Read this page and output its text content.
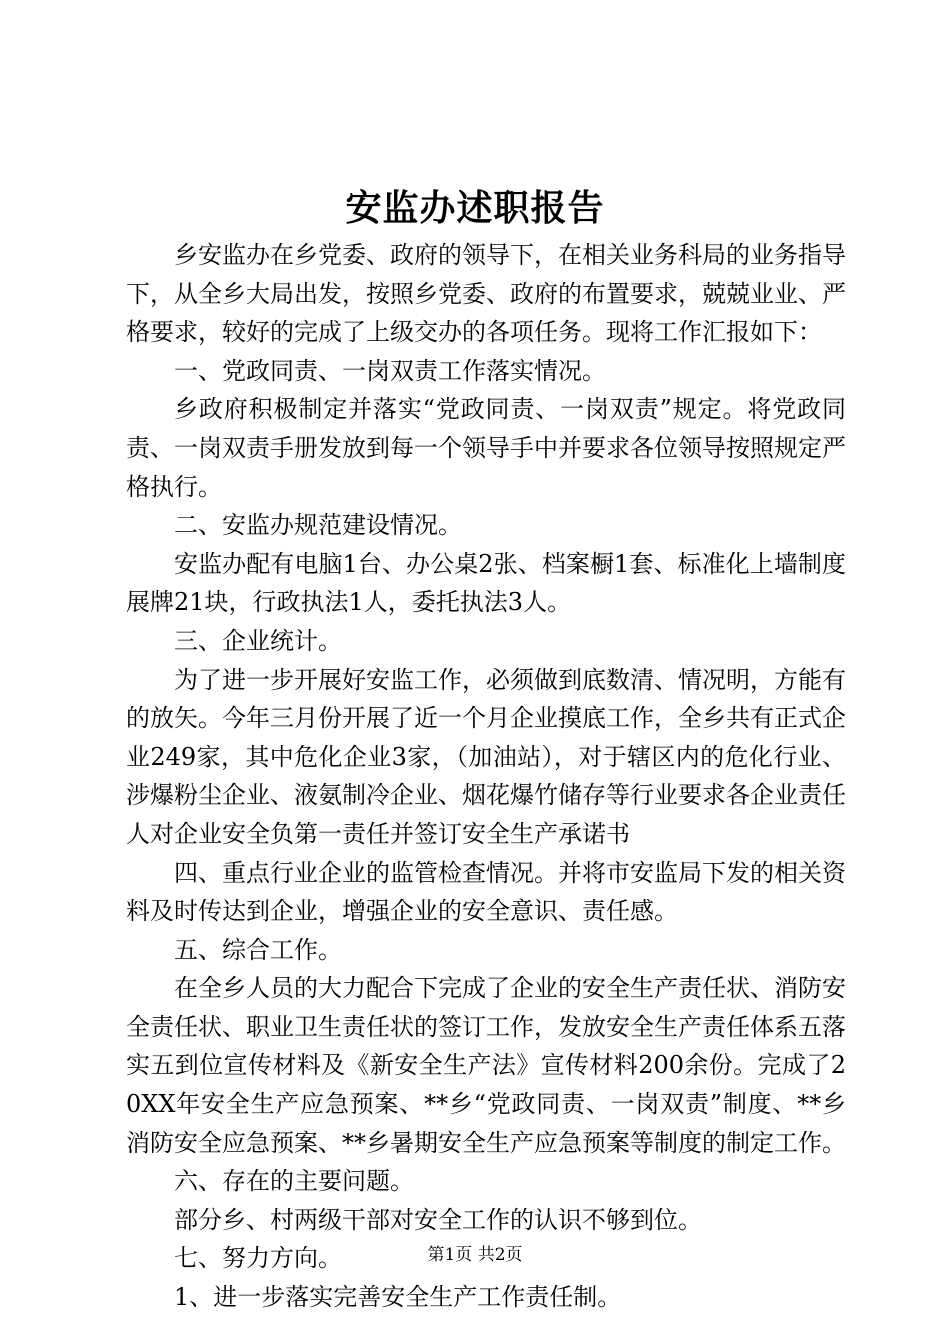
安监办述职报告

乡安监办在乡党委、政府的领导下，在相关业务科局的业务指导下，从全乡大局出发，按照乡党委、政府的布置要求，兢兢业业、严格要求，较好的完成了上级交办的各项任务。现将工作汇报如下：

一、党政同责、一岗双责工作落实情况。

乡政府积极制定并落实“党政同责、一岗双责”规定。将党政同责、一岗双责手册发放到每一个领导手中并要求各位领导按照规定严格执行。

二、安监办规范建设情况。

安监办配有电脑1台、办公桌2张、档案橱1套、标准化上墙制度展牌21块，行政执法1人，委托执法3人。

三、企业统计。

为了进一步开展好安监工作，必须做到底数清、情况明，方能有的放矢。今年三月份开展了近一个月企业摸底工作，全乡共有正式企业249家，其中危化企业3家，（加油站），对于辖区内的危化行业、涉爆粉尘企业、液氨制冷企业、烟花爆竹储存等行业要求各企业责任人对企业安全负第一责任并签订安全生产承诺书

四、重点行业企业的监管检查情况。并将市安监局下发的相关资料及时传达到企业，增强企业的安全意识、责任感。

五、综合工作。

在全乡人员的大力配合下完成了企业的安全生产责任状、消防安全责任状、职业卫生责任状的签订工作，发放安全生产责任体系五落实五到位宣传材料及《新安全生产法》宣传材料200余份。完成了20XX年安全生产应急预案、**乡“党政同责、一岗双责”制度、**乡消防安全应急预案、**乡暑期安全生产应急预案等制度的制定工作。

六、存在的主要问题。

部分乡、村两级干部对安全工作的认识不够到位。

七、努力方向。

1、进一步落实完善安全生产工作责任制。

第1页 共2页
